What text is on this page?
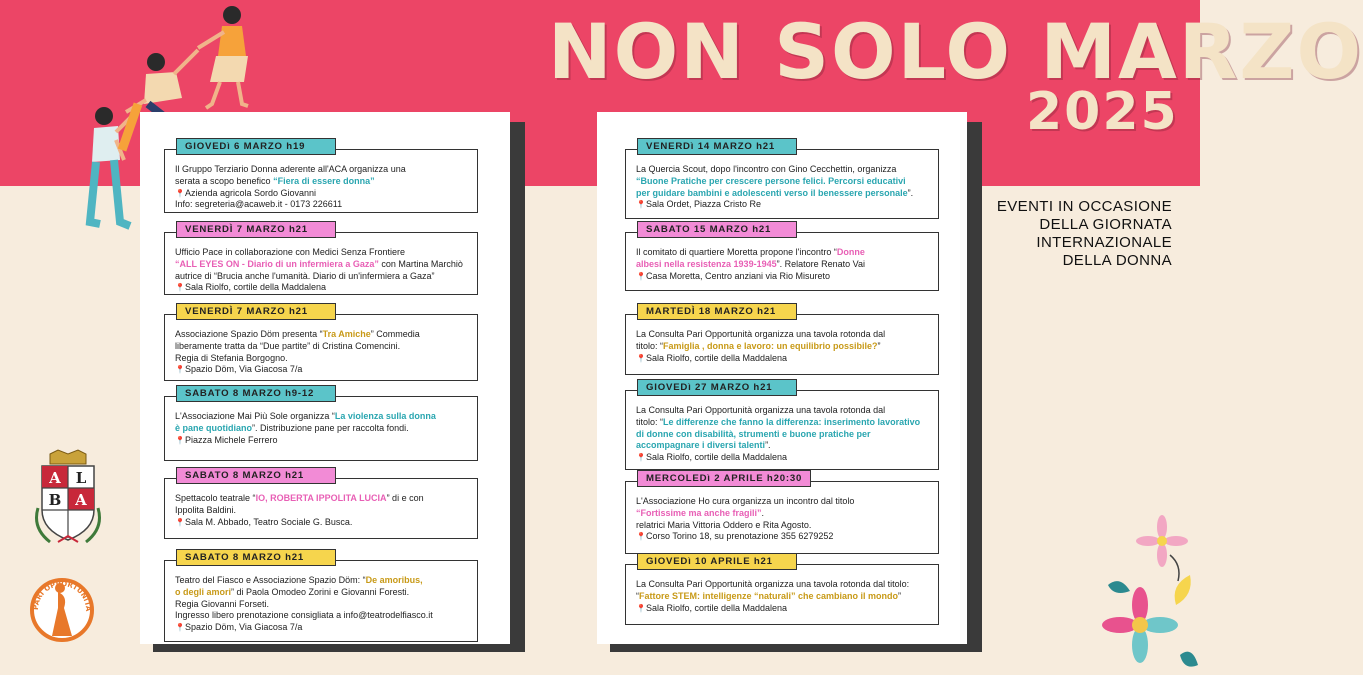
NON SOLO MARZO
2025
EVENTI IN OCCASIONE
DELLA GIORNATA
INTERNAZIONALE
DELLA DONNA

Il Gruppo Terziario Donna aderente all'ACA organizza una

serata a scopo benefico “Fiera di essere donna”

📍Azienda agricola Sordo Giovanni

Info: segreteria@acaweb.it - 0173 226611

GIOVEDì 6 MARZO h19

Ufficio Pace in collaborazione con Medici Senza Frontiere

“ALL EYES ON - Diario di un infermiera a Gaza” con Martina Marchiò

autrice di “Brucia anche l'umanità. Diario di un'infermiera a Gaza”

📍Sala Riolfo, cortile della Maddalena

VENERDÌ 7 MARZO h21

Associazione Spazio Döm presenta “Tra Amiche” Commedia

liberamente tratta da “Due partite” di Cristina Comencini.

Regia di Stefania Borgogno.

📍Spazio Döm, Via Giacosa 7/a

VENERDÌ 7 MARZO h21

L'Associazione Mai Più Sole organizza “La violenza sulla donna

è pane quotidiano”. Distribuzione pane per raccolta fondi.

📍Piazza Michele Ferrero

SABATO 8 MARZO h9-12

Spettacolo teatrale “IO, ROBERTA IPPOLITA LUCIA” di e con

Ippolita Baldini.

📍Sala M. Abbado, Teatro Sociale G. Busca.

SABATO 8 MARZO h21

Teatro del Fiasco e Associazione Spazio Döm: “De amoribus,

o degli amori” di Paola Omodeo Zorini e Giovanni Foresti.

Regia Giovanni Forseti.

Ingresso libero prenotazione consigliata a info@teatrodelfiasco.it

📍Spazio Döm, Via Giacosa 7/a

SABATO 8 MARZO h21

La Quercia Scout, dopo l'incontro con Gino Cecchettin, organizza

“Buone Pratiche per crescere persone felici. Percorsi educativi

per guidare bambini e adolescenti verso il benessere personale”.

📍Sala Ordet, Piazza Cristo Re

VENERDì 14 MARZO h21

Il comitato di quartiere Moretta propone l'incontro “Donne

albesi nella resistenza 1939-1945”. Relatore Renato Vai

📍Casa Moretta, Centro anziani via Rio Misureto

SABATO 15 MARZO h21

La Consulta Pari Opportunità organizza una tavola rotonda dal

titolo: “Famiglia , donna e lavoro: un equilibrio possibile?”

📍Sala Riolfo, cortile della Maddalena

MARTEDÌ 18 MARZO h21

La Consulta Pari Opportunità organizza una tavola rotonda dal

titolo: “Le differenze che fanno la differenza: inserimento lavorativo

di donne con disabilità, strumenti e buone pratiche per

accompagnare i diversi talenti”.

📍Sala Riolfo, cortile della Maddalena

GIOVEDì 27 MARZO h21

L'Associazione Ho cura organizza un incontro dal titolo

“Fortissime ma anche fragili”.

relatrici Maria Vittoria Oddero e Rita Agosto.

📍Corso Torino 18, su prenotazione 355 6279252

MERCOLEDì 2 APRILE h20:30

La Consulta Pari Opportunità organizza una tavola rotonda dal titolo:

“Fattore STEM: intelligenze “naturali” che cambiano il mondo”

📍Sala Riolfo, cortile della Maddalena

GIOVEDì 10 APRILE h21
A L
B A
PARI OPPORTUNITÀ
